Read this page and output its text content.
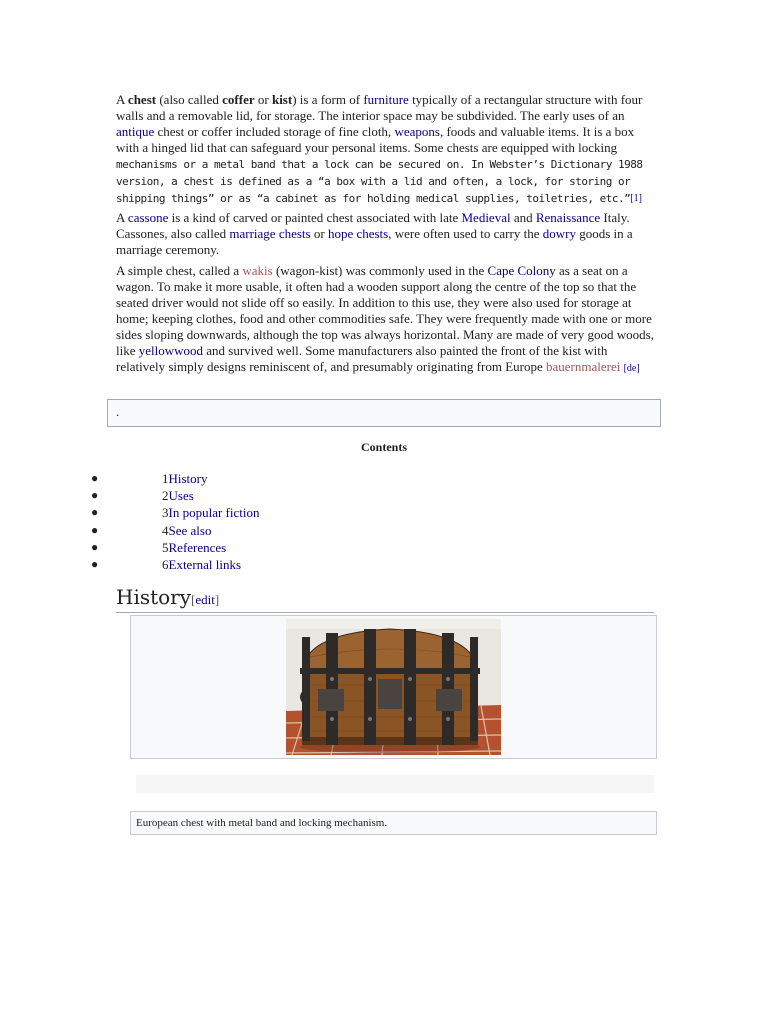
A chest (also called coffer or kist) is a form of furniture typically of a rectangular structure with four walls and a removable lid, for storage. The interior space may be subdivided. The early uses of an antique chest or coffer included storage of fine cloth, weapons, foods and valuable items. It is a box with a hinged lid that can safeguard your personal items. Some chests are equipped with locking mechanisms or a metal band that a lock can be secured on. In Webster’s Dictionary 1988 version, a chest is defined as a “a box with a lid and often, a lock, for storing or shipping things” or as “a cabinet as for holding medical supplies, toiletries, etc.”[1]

A cassone is a kind of carved or painted chest associated with late Medieval and Renaissance Italy. Cassones, also called marriage chests or hope chests, were often used to carry the dowry goods in a marriage ceremony.

A simple chest, called a wakis (wagon-kist) was commonly used in the Cape Colony as a seat on a wagon. To make it more usable, it often had a wooden support along the centre of the top so that the seated driver would not slide off so easily. In addition to this use, they were also used for storage at home; keeping clothes, food and other commodities safe. They were frequently made with one or more sides sloping downwards, although the top was always horizontal. Many are made of very good woods, like yellowwood and survived well. Some manufacturers also painted the front of the kist with relatively simply designs reminiscent of, and presumably originating from Europe bauernmalerei [de]

.
Contents
●	1History
●	2Uses
●	3In popular fiction
●	4See also
●	5References
●	6External links
History[edit]
European chest with metal band and locking mechanism.
